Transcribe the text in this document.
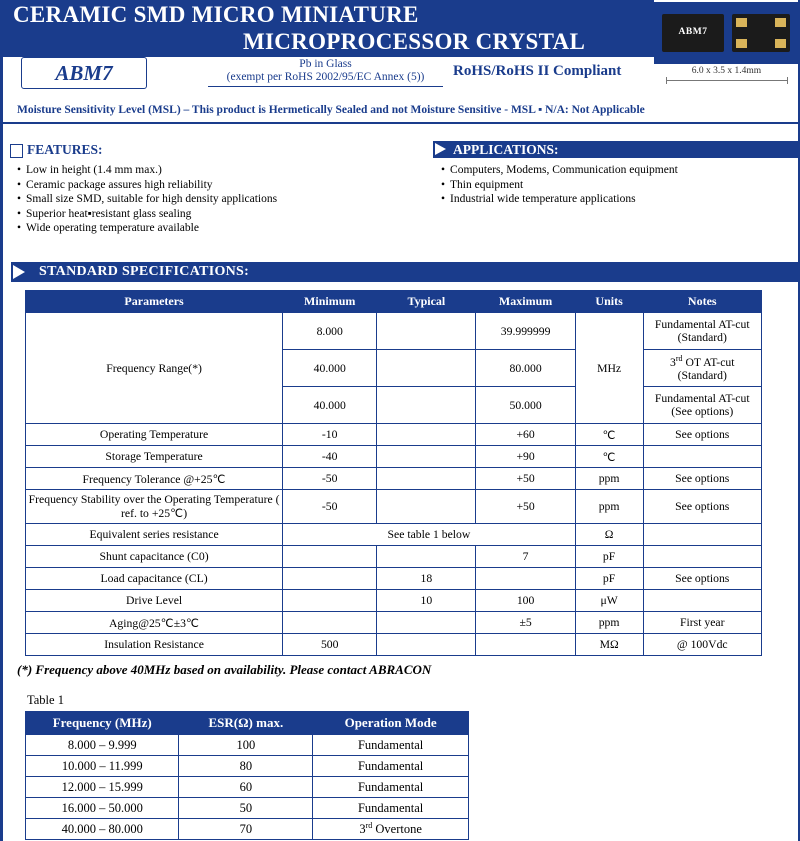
CERAMIC SMD MICRO MINIATURE
MICROPROCESSOR CRYSTAL
ABM7	Pb in Glass
(exempt per RoHS 2002/95/EC Annex (5))	RoHS/RoHS II Compliant
ABM7
6.0 x 3.5 x 1.4mm
Moisture Sensitivity Level (MSL) – This product is Hermetically Sealed and not Moisture Sensitive - MSL ▪ N/A: Not Applicable
FEATURES:
• Low in height (1.4 mm max.)
• Ceramic package assures high reliability
• Small size SMD, suitable for high density applications
• Superior heat▪resistant glass sealing
• Wide operating temperature available
APPLICATIONS:
• Computers, Modems, Communication equipment
• Thin equipment
• Industrial wide temperature applications
STANDARD SPECIFICATIONS:
Parameters	Minimum	Typical	Maximum	Units	Notes
Frequency Range(*)	8.000		39.999999	MHz	Fundamental AT-cut (Standard)
	40.000		80.000		3rd OT AT-cut (Standard)
	40.000		50.000		Fundamental AT-cut (See options)
Operating Temperature	-10		+60	℃	See options
Storage Temperature	-40		+90	℃	
Frequency Tolerance @+25℃	-50		+50	ppm	See options
Frequency Stability over the Operating Temperature ( ref. to +25℃)	-50		+50	ppm	See options
Equivalent series resistance	See table 1 below			Ω	
Shunt capacitance (C0)			7	pF	
Load capacitance (CL)		18		pF	See options
Drive Level		10	100	μW	
Aging@25℃±3℃			±5	ppm	First year
Insulation Resistance	500			MΩ	@ 100Vdc
(*) Frequency above 40MHz based on availability. Please contact ABRACON
Table 1
Frequency (MHz)	ESR(Ω) max.	Operation Mode
8.000 – 9.999	100	Fundamental
10.000 – 11.999	80	Fundamental
12.000 – 15.999	60	Fundamental
16.000 – 50.000	50	Fundamental
40.000 – 80.000	70	3rd Overtone
